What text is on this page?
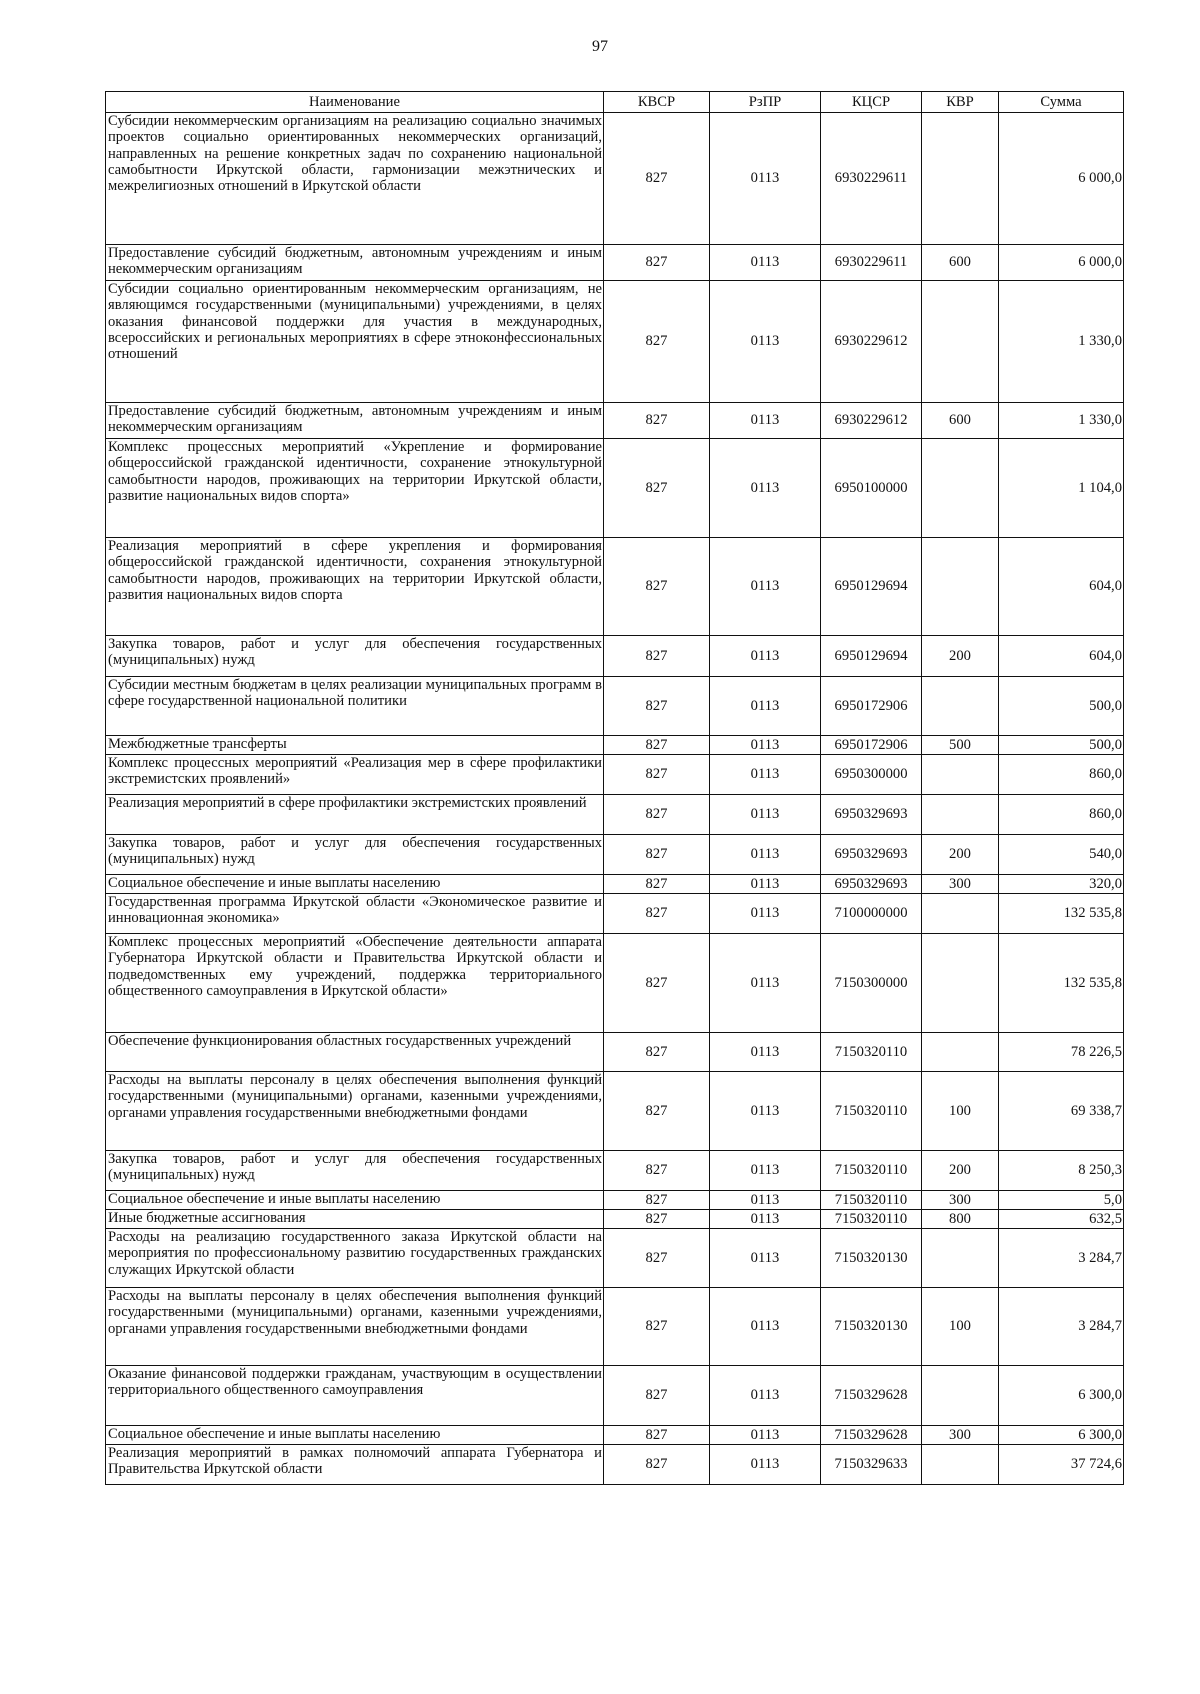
97
Наименование	КВСР	РзПР	КЦСР	КВР	Сумма
Субсидии некоммерческим организациям на реализацию социально значимых проектов социально ориентированных некоммерческих организаций, направленных на решение конкретных задач по сохранению национальной самобытности Иркутской области, гармонизации межэтнических и межрелигиозных отношений в Иркутской области	827	0113	6930229611		6 000,0
Предоставление субсидий бюджетным, автономным учреждениям и иным некоммерческим организациям	827	0113	6930229611	600	6 000,0
Субсидии социально ориентированным некоммерческим организациям, не являющимся государственными (муниципальными) учреждениями, в целях оказания финансовой поддержки для участия в международных, всероссийских и региональных мероприятиях в сфере этноконфессиональных отношений	827	0113	6930229612		1 330,0
Предоставление субсидий бюджетным, автономным учреждениям и иным некоммерческим организациям	827	0113	6930229612	600	1 330,0
Комплекс процессных мероприятий «Укрепление и формирование общероссийской гражданской идентичности, сохранение этнокультурной самобытности народов, проживающих на территории Иркутской области, развитие национальных видов спорта»	827	0113	6950100000		1 104,0
Реализация мероприятий в сфере укрепления и формирования общероссийской гражданской идентичности, сохранения этнокультурной самобытности народов, проживающих на территории Иркутской области, развития национальных видов спорта	827	0113	6950129694		604,0
Закупка товаров, работ и услуг для обеспечения государственных (муниципальных) нужд	827	0113	6950129694	200	604,0
Субсидии местным бюджетам в целях реализации муниципальных программ в сфере государственной национальной политики	827	0113	6950172906		500,0
Межбюджетные трансферты	827	0113	6950172906	500	500,0
Комплекс процессных мероприятий «Реализация мер в сфере профилактики экстремистских проявлений»	827	0113	6950300000		860,0
Реализация мероприятий в сфере профилактики экстремистских проявлений	827	0113	6950329693		860,0
Закупка товаров, работ и услуг для обеспечения государственных (муниципальных) нужд	827	0113	6950329693	200	540,0
Социальное обеспечение и иные выплаты населению	827	0113	6950329693	300	320,0
Государственная программа Иркутской области «Экономическое развитие и инновационная экономика»	827	0113	7100000000		132 535,8
Комплекс процессных мероприятий «Обеспечение деятельности аппарата Губернатора Иркутской области и Правительства Иркутской области и подведомственных ему учреждений, поддержка территориального общественного самоуправления в Иркутской области»	827	0113	7150300000		132 535,8
Обеспечение функционирования областных государственных учреждений	827	0113	7150320110		78 226,5
Расходы на выплаты персоналу в целях обеспечения выполнения функций государственными (муниципальными) органами, казенными учреждениями, органами управления государственными внебюджетными фондами	827	0113	7150320110	100	69 338,7
Закупка товаров, работ и услуг для обеспечения государственных (муниципальных) нужд	827	0113	7150320110	200	8 250,3
Социальное обеспечение и иные выплаты населению	827	0113	7150320110	300	5,0
Иные бюджетные ассигнования	827	0113	7150320110	800	632,5
Расходы на реализацию государственного заказа Иркутской области на мероприятия по профессиональному развитию государственных гражданских служащих Иркутской области	827	0113	7150320130		3 284,7
Расходы на выплаты персоналу в целях обеспечения выполнения функций государственными (муниципальными) органами, казенными учреждениями, органами управления государственными внебюджетными фондами	827	0113	7150320130	100	3 284,7
Оказание финансовой поддержки гражданам, участвующим в осуществлении территориального общественного самоуправления	827	0113	7150329628		6 300,0
Социальное обеспечение и иные выплаты населению	827	0113	7150329628	300	6 300,0
Реализация мероприятий в рамках полномочий аппарата Губернатора и Правительства Иркутской области	827	0113	7150329633		37 724,6
